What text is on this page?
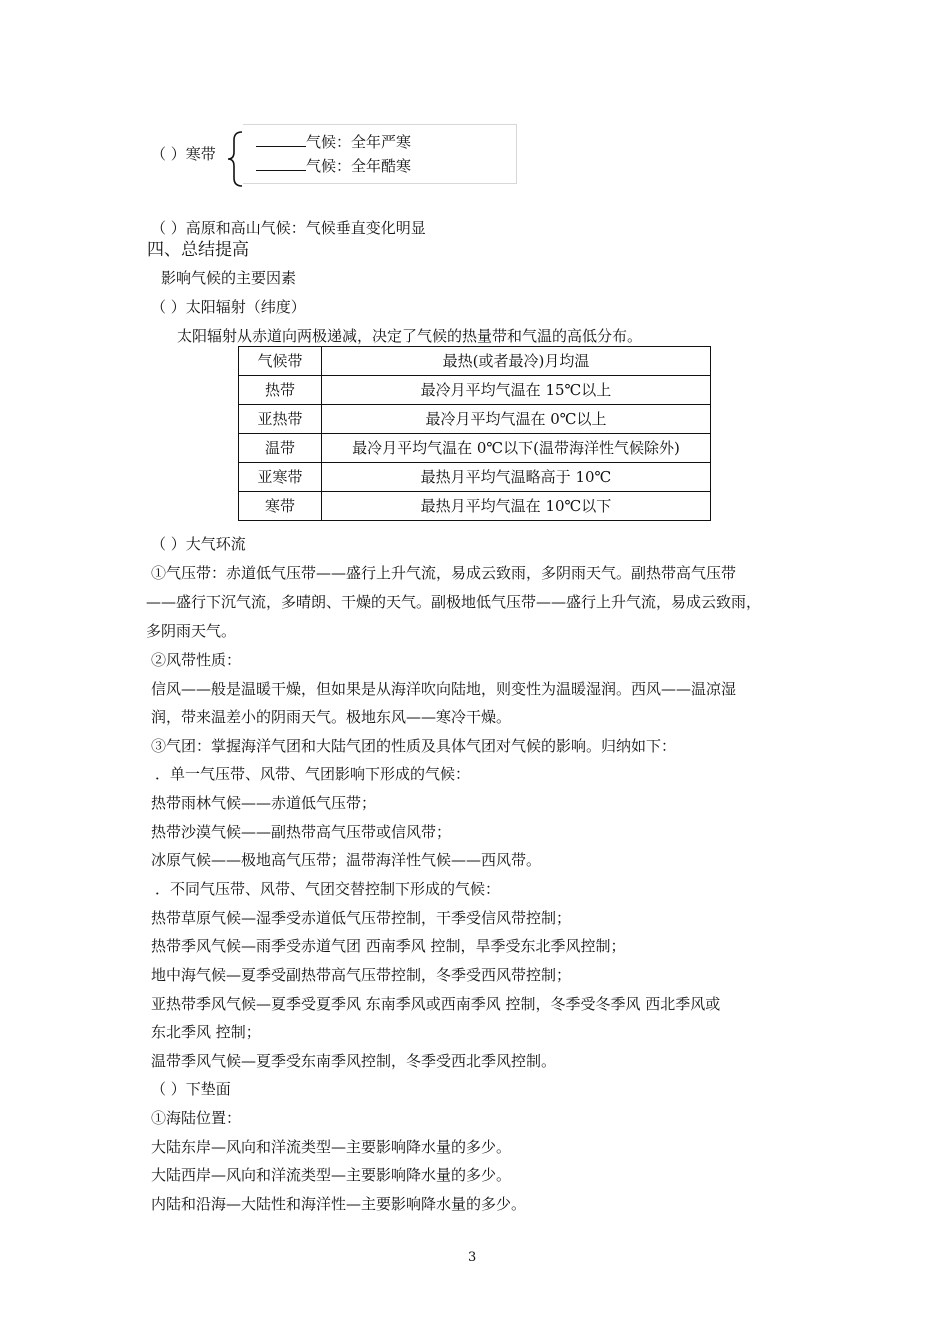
（ ）寒带
气候：全年严寒
气候：全年酷寒
（ ）高原和高山气候：气候垂直变化明显
四、总结提高
影响气候的主要因素
（ ）太阳辐射（纬度）
太阳辐射从赤道向两极递减，决定了气候的热量带和气温的高低分布。
气候带	最热(或者最冷)月均温
热带	最冷月平均气温在 15℃以上
亚热带	最冷月平均气温在 0℃以上
温带	最冷月平均气温在 0℃以下(温带海洋性气候除外)
亚寒带	最热月平均气温略高于 10℃
寒带	最热月平均气温在 10℃以下
（ ）大气环流
①气压带：赤道低气压带——盛行上升气流，易成云致雨，多阴雨天气。副热带高气压带
——盛行下沉气流，多晴朗、干燥的天气。副极地低气压带——盛行上升气流，易成云致雨，
多阴雨天气。
②风带性质：
信风——般是温暖干燥，但如果是从海洋吹向陆地，则变性为温暖湿润。西风——温凉湿
润，带来温差小的阴雨天气。极地东风——寒冷干燥。
③气团：掌握海洋气团和大陆气团的性质及具体气团对气候的影响。归纳如下：
．单一气压带、风带、气团影响下形成的气候：
热带雨林气候——赤道低气压带；
热带沙漠气候——副热带高气压带或信风带；
冰原气候——极地高气压带；温带海洋性气候——西风带。
．不同气压带、风带、气团交替控制下形成的气候：
热带草原气候—湿季受赤道低气压带控制，干季受信风带控制；
热带季风气候—雨季受赤道气团 西南季风 控制，旱季受东北季风控制；
地中海气候—夏季受副热带高气压带控制，冬季受西风带控制；
亚热带季风气候—夏季受夏季风 东南季风或西南季风 控制，冬季受冬季风 西北季风或
东北季风 控制；
温带季风气候—夏季受东南季风控制，冬季受西北季风控制。
（ ）下垫面
①海陆位置：
大陆东岸—风向和洋流类型—主要影响降水量的多少。
大陆西岸—风向和洋流类型—主要影响降水量的多少。
内陆和沿海—大陆性和海洋性—主要影响降水量的多少。
3
